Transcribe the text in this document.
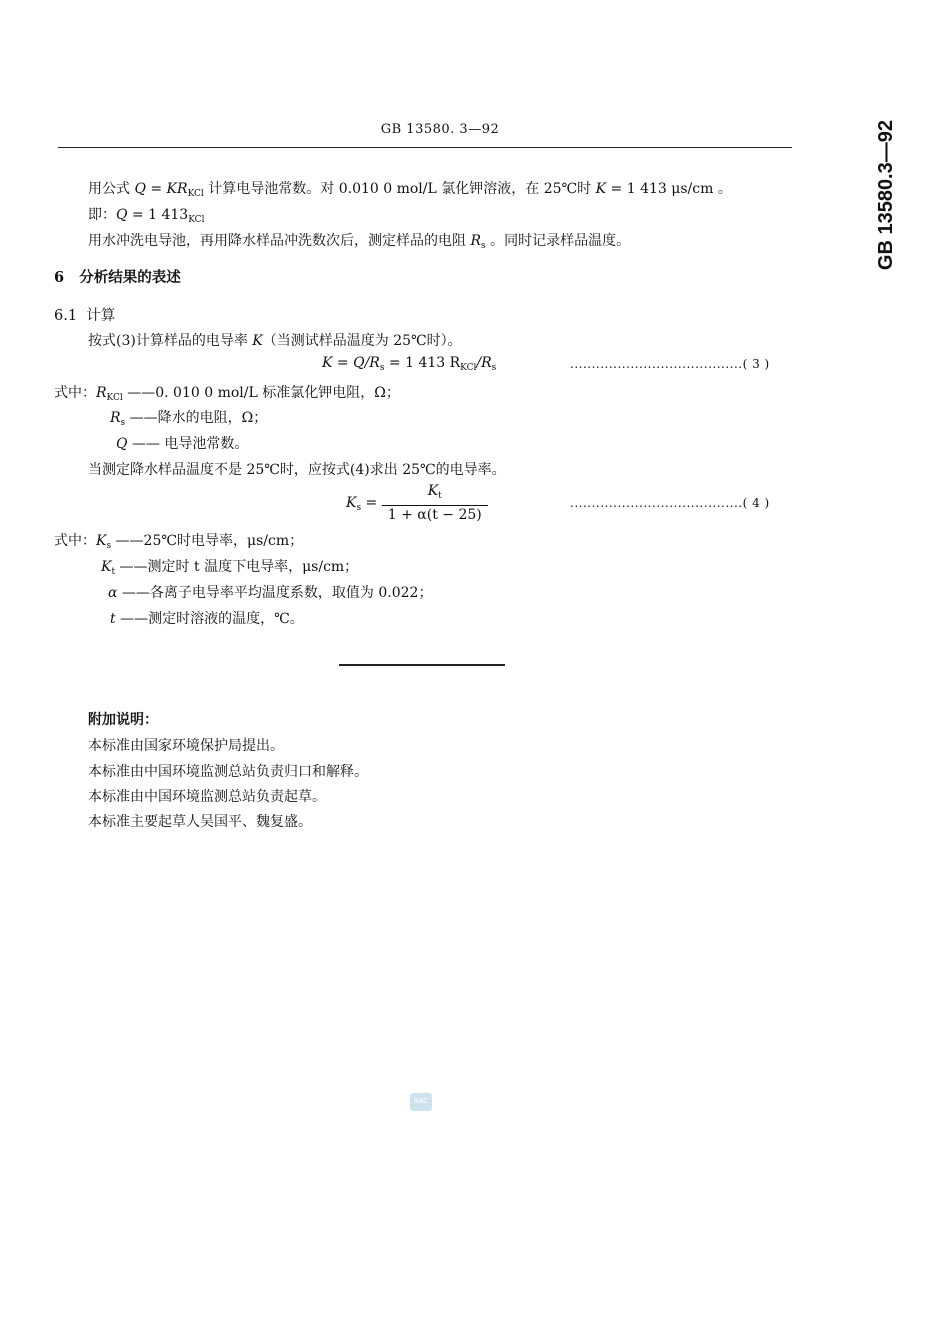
GB 13580. 3—92	GB 13580.3—92
用公式 $Q = KR_{KCl}$ 计算电导池常数。对 0.010 0 mol/L 氯化钾溶液，在 25℃时 K = 1 413 μs/cm 。
即：Q = 1 $413_{KCl}$
用水冲洗电导池，再用降水样品冲洗数次后，测定样品的电阻 $R_s$ 。同时记录样品温度。
6 分析结果的表述
6.1 计算
按式(3)计算样品的电导率 K（当测试样品温度为 25℃时）。
$K = Q/R_s = 1$ 413 $R_{KCl}/R_s$	........................................( 3 )
式中：$R_{KCl}$ ——0. 010 0 mol/L 标准氯化钾电阻，Ω；
$R_s$ ——降水的电阻，Ω；
Q —— 电导池常数。
当测定降水样品温度不是 25℃时，应按式(4)求出 25℃的电导率。
$K_s = \frac{K_t}{1 + \alpha(t - 25)}$	........................................( 4 )
式中：$K_s$ ——25℃时电导率，μs/cm；
$K_t$ ——测定时 t 温度下电导率，μs/cm；
α ——各离子电导率平均温度系数，取值为 0.022；
t ——测定时溶液的温度，℃。
附加说明：
本标准由国家环境保护局提出。
本标准由中国环境监测总站负责归口和解释。
本标准由中国环境监测总站负责起草。
本标准主要起草人吴国平、魏复盛。
SAC
